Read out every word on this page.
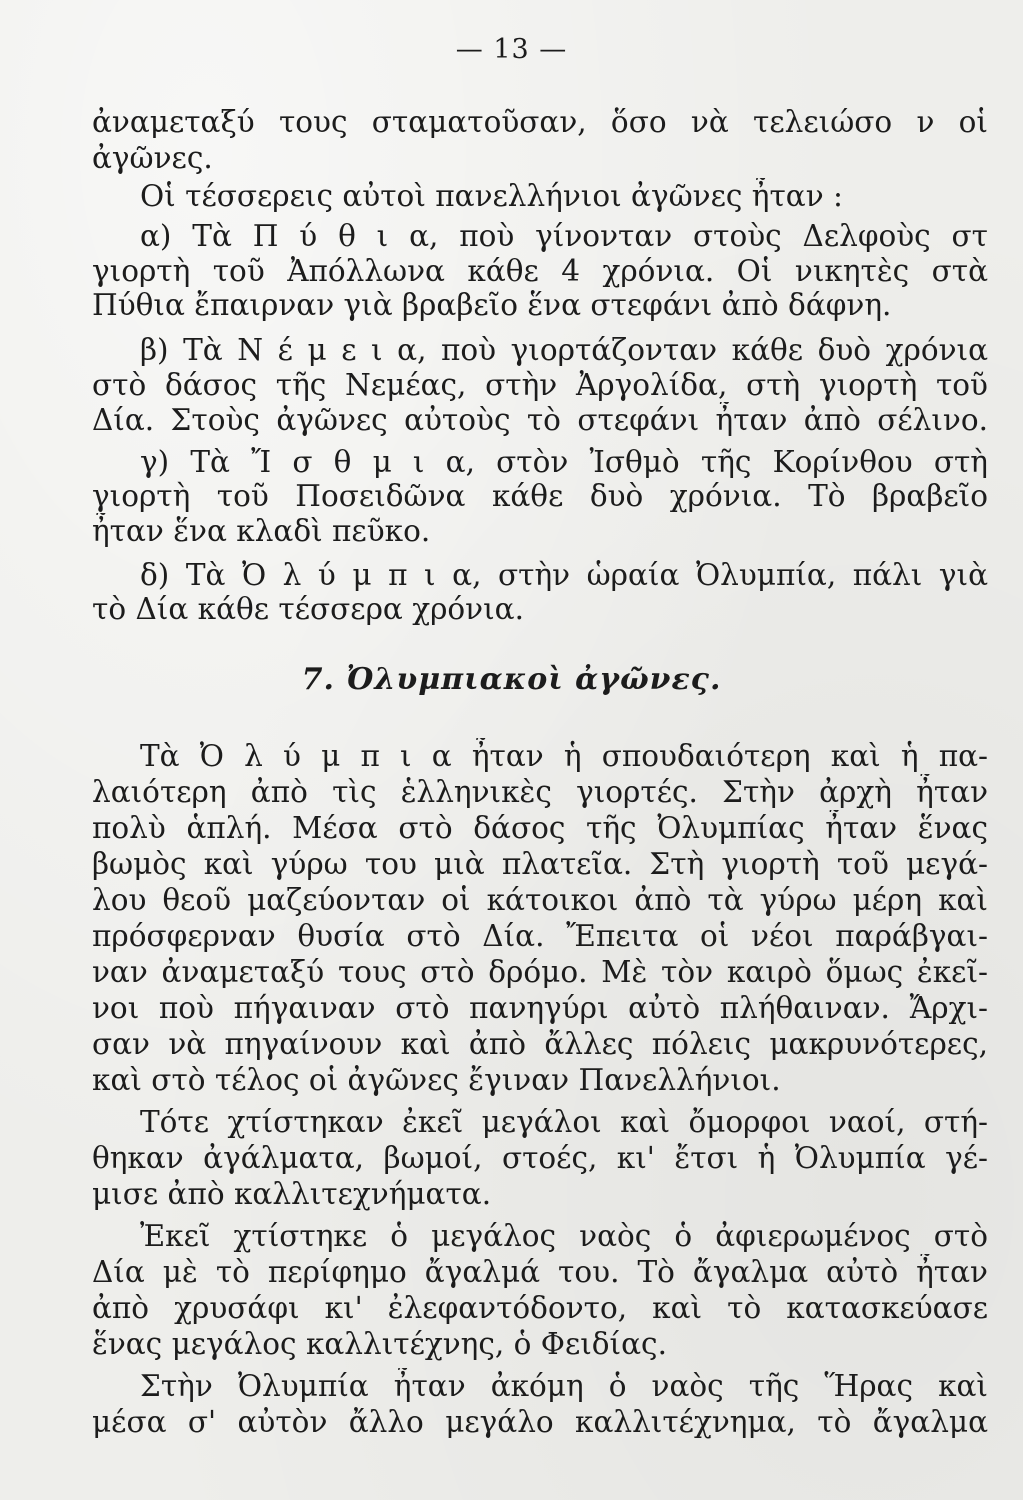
— 13 —
ἀναμεταξύ τους σταματοῦσαν, ὅσο νὰ τελειώσο ν οἱ
ἀγῶνες.
Οἱ τέσσερεις αὐτοὶ πανελλήνιοι ἀγῶνες ἦταν :
α) Τὰ Π ύ θ ι α, ποὺ γίνονταν στοὺς Δελφοὺς στ
γιορτὴ τοῦ Ἀπόλλωνα κάθε 4 χρόνια. Οἱ νικητὲς στὰ
Πύθια ἔπαιρναν γιὰ βραβεῖο ἕνα στεφάνι ἀπὸ δάφνη.
β) Τὰ Ν έ μ ε ι α, ποὺ γιορτάζονταν κάθε δυὸ χρόνια
στὸ δάσος τῆς Νεμέας, στὴν Ἀργολίδα, στὴ γιορτὴ τοῦ
Δία. Στοὺς ἀγῶνες αὐτοὺς τὸ στεφάνι ἦταν ἀπὸ σέλινο.
γ) Τὰ Ἴ σ θ μ ι α, στὸν Ἰσθμὸ τῆς Κορίνθου στὴ
γιορτὴ τοῦ Ποσειδῶνα κάθε δυὸ χρόνια. Τὸ βραβεῖο
ἦταν ἕνα κλαδὶ πεῦκο.
δ) Τὰ Ὀ λ ύ μ π ι α, στὴν ὡραία Ὀλυμπία, πάλι γιὰ
τὸ Δία κάθε τέσσερα χρόνια.
7. Ὀλυμπιακοὶ ἀγῶνες.
Τὰ Ὀ λ ύ μ π ι α ἦταν ἡ σπουδαιότερη καὶ ἡ πα-
λαιότερη ἀπὸ τὶς ἑλληνικὲς γιορτές. Στὴν ἀρχὴ ἦταν
πολὺ ἁπλή. Μέσα στὸ δάσος τῆς Ὀλυμπίας ἦταν ἕνας
βωμὸς καὶ γύρω του μιὰ πλατεῖα. Στὴ γιορτὴ τοῦ μεγά-
λου θεοῦ μαζεύονταν οἱ κάτοικοι ἀπὸ τὰ γύρω μέρη καὶ
πρόσφερναν θυσία στὸ Δία. Ἔπειτα οἱ νέοι παράβγαι-
ναν ἀναμεταξύ τους στὸ δρόμο. Μὲ τὸν καιρὸ ὅμως ἐκεῖ-
νοι ποὺ πήγαιναν στὸ πανηγύρι αὐτὸ πλήθαιναν. Ἄρχι-
σαν νὰ πηγαίνουν καὶ ἀπὸ ἄλλες πόλεις μακρυνότερες,
καὶ στὸ τέλος οἱ ἀγῶνες ἔγιναν Πανελλήνιοι.
Τότε χτίστηκαν ἐκεῖ μεγάλοι καὶ ὄμορφοι ναοί, στή-
θηκαν ἀγάλματα, βωμοί, στοές, κι' ἔτσι ἡ Ὀλυμπία γέ-
μισε ἀπὸ καλλιτεχνήματα.
Ἐκεῖ χτίστηκε ὁ μεγάλος ναὸς ὁ ἀφιερωμένος στὸ
Δία μὲ τὸ περίφημο ἄγαλμά του. Τὸ ἄγαλμα αὐτὸ ἦταν
ἀπὸ χρυσάφι κι' ἐλεφαντόδοντο, καὶ τὸ κατασκεύασε
ἕνας μεγάλος καλλιτέχνης, ὁ Φειδίας.
Στὴν Ὀλυμπία ἦταν ἀκόμη ὁ ναὸς τῆς Ἥρας καὶ
μέσα σ' αὐτὸν ἄλλο μεγάλο καλλιτέχνημα, τὸ ἄγαλμα
